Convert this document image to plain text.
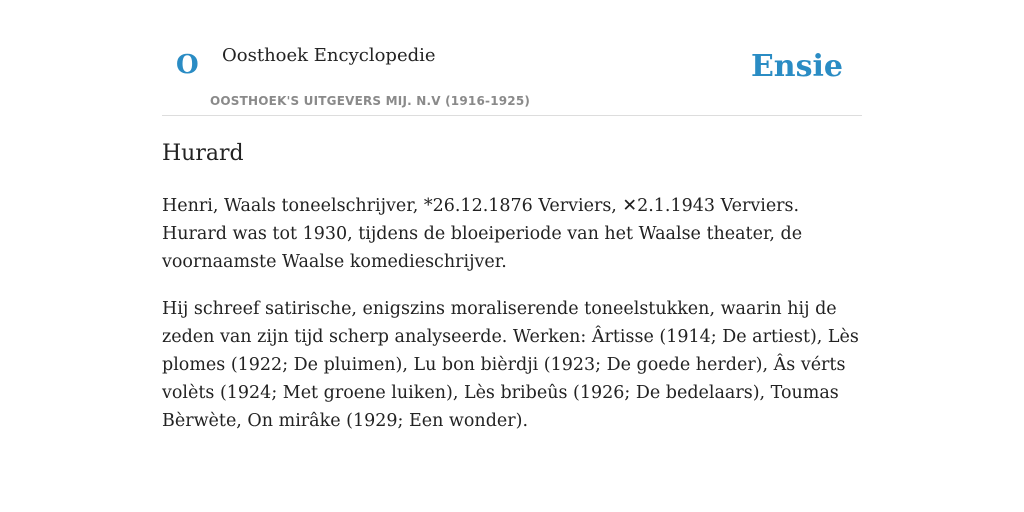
O Oosthoek Encyclopedie
OOSTHOEK'S UITGEVERS MIJ. N.V (1916-1925)
Ensie
Hurard

Henri, Waals toneelschrijver, *26.12.1876 Verviers, ✕2.1.1943 Verviers. Hurard was tot 1930, tijdens de bloeiperiode van het Waalse theater, de voornaamste Waalse komedieschrijver.

Hij schreef satirische, enigszins moraliserende toneelstukken, waarin hij de zeden van zijn tijd scherp analyseerde. Werken: Ârtisse (1914; De artiest), Lès plomes (1922; De pluimen), Lu bon bièrdji (1923; De goede herder), Âs vérts volèts (1924; Met groene luiken), Lès bribeûs (1926; De bedelaars), Toumas Bèrwète, On mirâke (1929; Een wonder).
